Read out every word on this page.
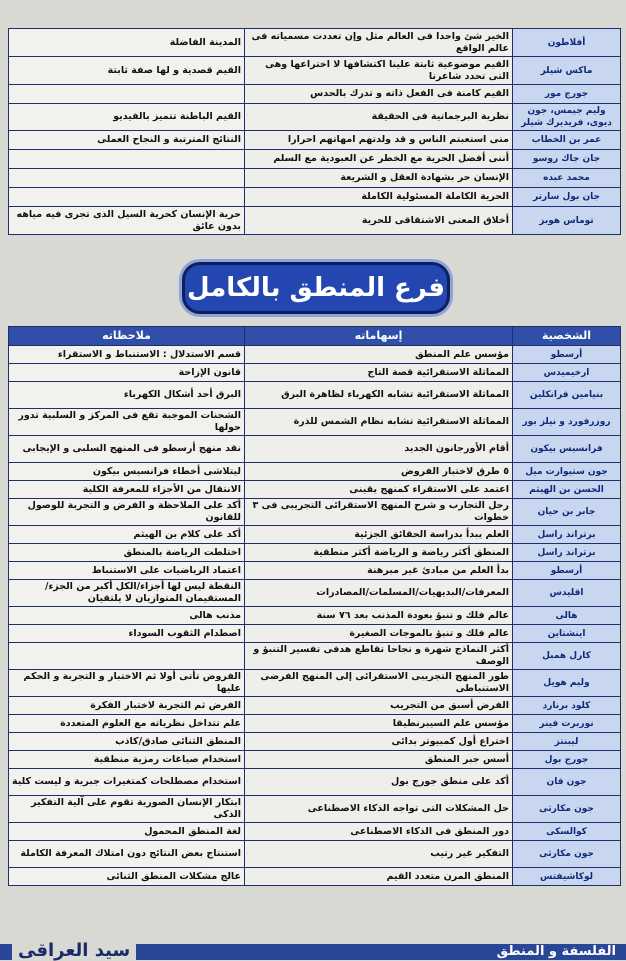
أفلاطون	الخير شئ واحدا فى العالم مثل وإن تعددت مسمياته فى عالم الواقع	المدينة الفاضلة
ماكس شيلر	القيم موضوعية ثابتة علينا اكتشافها لا اختراعها وهى التى تحدد شاعرنا	القيم قصدية و لها صفة ثابتة
جورج مور	القيم كامنة فى الفعل ذاته و تدرك بالحدس	
وليم جيمس، جون ديوى، فريديرك شيلر	نظرية البرجماتية فى الحقيقة	القيم الباطنة تتميز بالفيديو
عمر بن الخطاب	متى استعبتم الناس و قد ولدتهم امهاتهم احرارا	النتائج المترتبة و النجاح العملى
جان جاك روسو	أننى أفضل الحرية مع الخطر عن العبودية مع السلم	
محمد عبده	الإنسان حر بشهادة العقل و الشريعة	
جان بول سارتر	الحرية الكاملة المسئولية الكاملة	
توماس هوبز	أخلاق المعنى الاشتقاقى للحرية	حرية الإنسان كحرية السيل الذى تجرى فيه مياهه بدون عائق
فرع المنطق بالكامل
الشخصية	إسهاماته	ملاحظاته
أرسطو	مؤسس علم المنطق	قسم الاستدلال : الاستنباط و الاستقراء
ارخيميدس	المماثلة الاستقرائية قصة التاج	قانون الإزاحة
بنيامين فرانكلين	المماثلة الاستقرائية تشابه الكهرباء لظاهرة البرق	البرق أحد أشكال الكهرباء
روزرفورد و نيلز بور	المماثلة الاستقرائية تشابه نظام الشمس للذرة	الشحنات الموجبة تقع فى المركز و السلبية تدور حولها
فرانسيس بيكون	أقام الأورجانون الجديد	نقد منهج أرسطو فى المنهج السلبى و الإيجابى
جون ستيوارت ميل	٥ طرق لاختبار الفروض	ليتلاشى أخطاء فرانسيس بيكون
الحسن بن الهيثم	اعتمد على الاستقراء كمنهج يقينى	الانتقال من الأجزاء للمعرفة الكلية
جابر بن حيان	رجل التجارب و شرح المنهج الاستقرائى التجريبى فى ٣ خطوات	أكد على الملاحظة و الفرض و التجربة للوصول للقانون
برتراند راسل	العلم يبدأ بدراسة الحقائق الجزئية	أكد على كلام بن الهيثم
برتراند راسل	المنطق أكثر رياضة و الرياضة أكثر منطقية	اختلطت الرياضة بالمنطق
أرسطو	بدأ العلم من مبادئ غير مبرهنة	اعتماد الرياضيات على الاستنباط
اقليدس	المعرفات/البديهيات/المسلمات/المصادرات	النقطة ليس لها أجزاء/الكل أكبر من الجزء/المستقيمان المتوازيان لا يلتقيان
هالى	عالم فلك و تنبؤ بعودة المذنب بعد ٧٦ سنة	مذنب هالى
اينشتاين	عالم فلك و تنبؤ بالموجات الصغيرة	اصطدام الثقوب السوداء
كارل همبل	أكثر النماذج شهرة و نجاحا تقاطع هدفى تفسير التنبؤ و الوصف	
وليم هويل	طور المنهج التجريبى الاستقرائى إلى المنهج الفرضى الاستنباطى	الفروض تأتى أولا ثم الاختبار و التجربة و الحكم عليها
كلود برنارد	الفرض أسبق من التجريب	الفرض ثم التجربة لاختبار الفكرة
نوربرت فينر	مؤسس علم السيبرنطيقا	علم تتداخل نظرياته مع العلوم المتعددة
ليبنتز	اختراع أول كمبيوتر بدائى	المنطق الثنائى صادق/كاذب
جورج بول	أسس جبر المنطق	استخدام صياغات رمزية منطقية
جون فان	أكد على منطق جورج بول	استخدام مصطلحات كمتغيرات جبرية و ليست كلية
جون مكارثى	حل المشكلات التى تواجه الذكاء الاصطناعى	ابتكار الإنسان الصورية تقوم على آلية التفكير الذكى
كوالسكى	دور المنطق فى الذكاء الاصطناعى	لغة المنطق المحمول
جون مكارثى	التفكير غير رتيب	استنتاج بعض النتائج دون امتلاك المعرفة الكاملة
لوكاشيفتس	المنطق المرن متعدد القيم	عالج مشكلات المنطق الثنائى
سيد العراقى	الفلسفة و المنطق
